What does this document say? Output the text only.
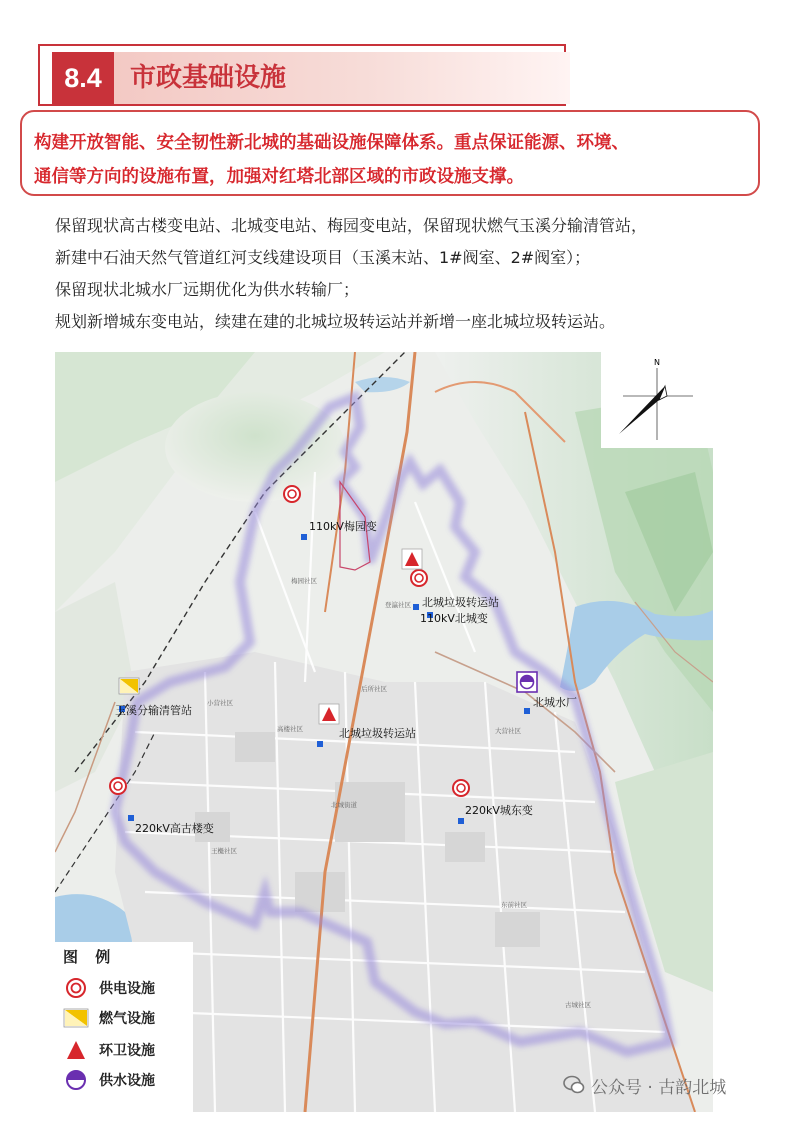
8.4	市政基础设施
构建开放智能、安全韧性新北城的基础设施保障体系。重点保证能源、环境、
通信等方向的设施布置，加强对红塔北部区域的市政设施支撑。
保留现状高古楼变电站、北城变电站、梅园变电站，保留现状燃气玉溪分输清管站，
新建中石油天然气管道红河支线建设项目（玉溪末站、1#阀室、2#阀室）；
保留现状北城水厂远期优化为供水转输厂；
规划新增城东变电站，续建在建的北城垃圾转运站并新增一座北城垃圾转运站。
梅园社区
登瀛社区
后所社区
高楼社区
小营社区
北城街道
王櫆社区
大营社区
东前社区
古城社区
N
110kV梅园变
北城垃圾转运站
110kV北城变
北城水厂
玉溪分输清管站
北城垃圾转运站
220kV城东变
220kV高古楼变
图 例
供电设施
燃气设施
环卫设施
供水设施	公众号 · 古韵北城
